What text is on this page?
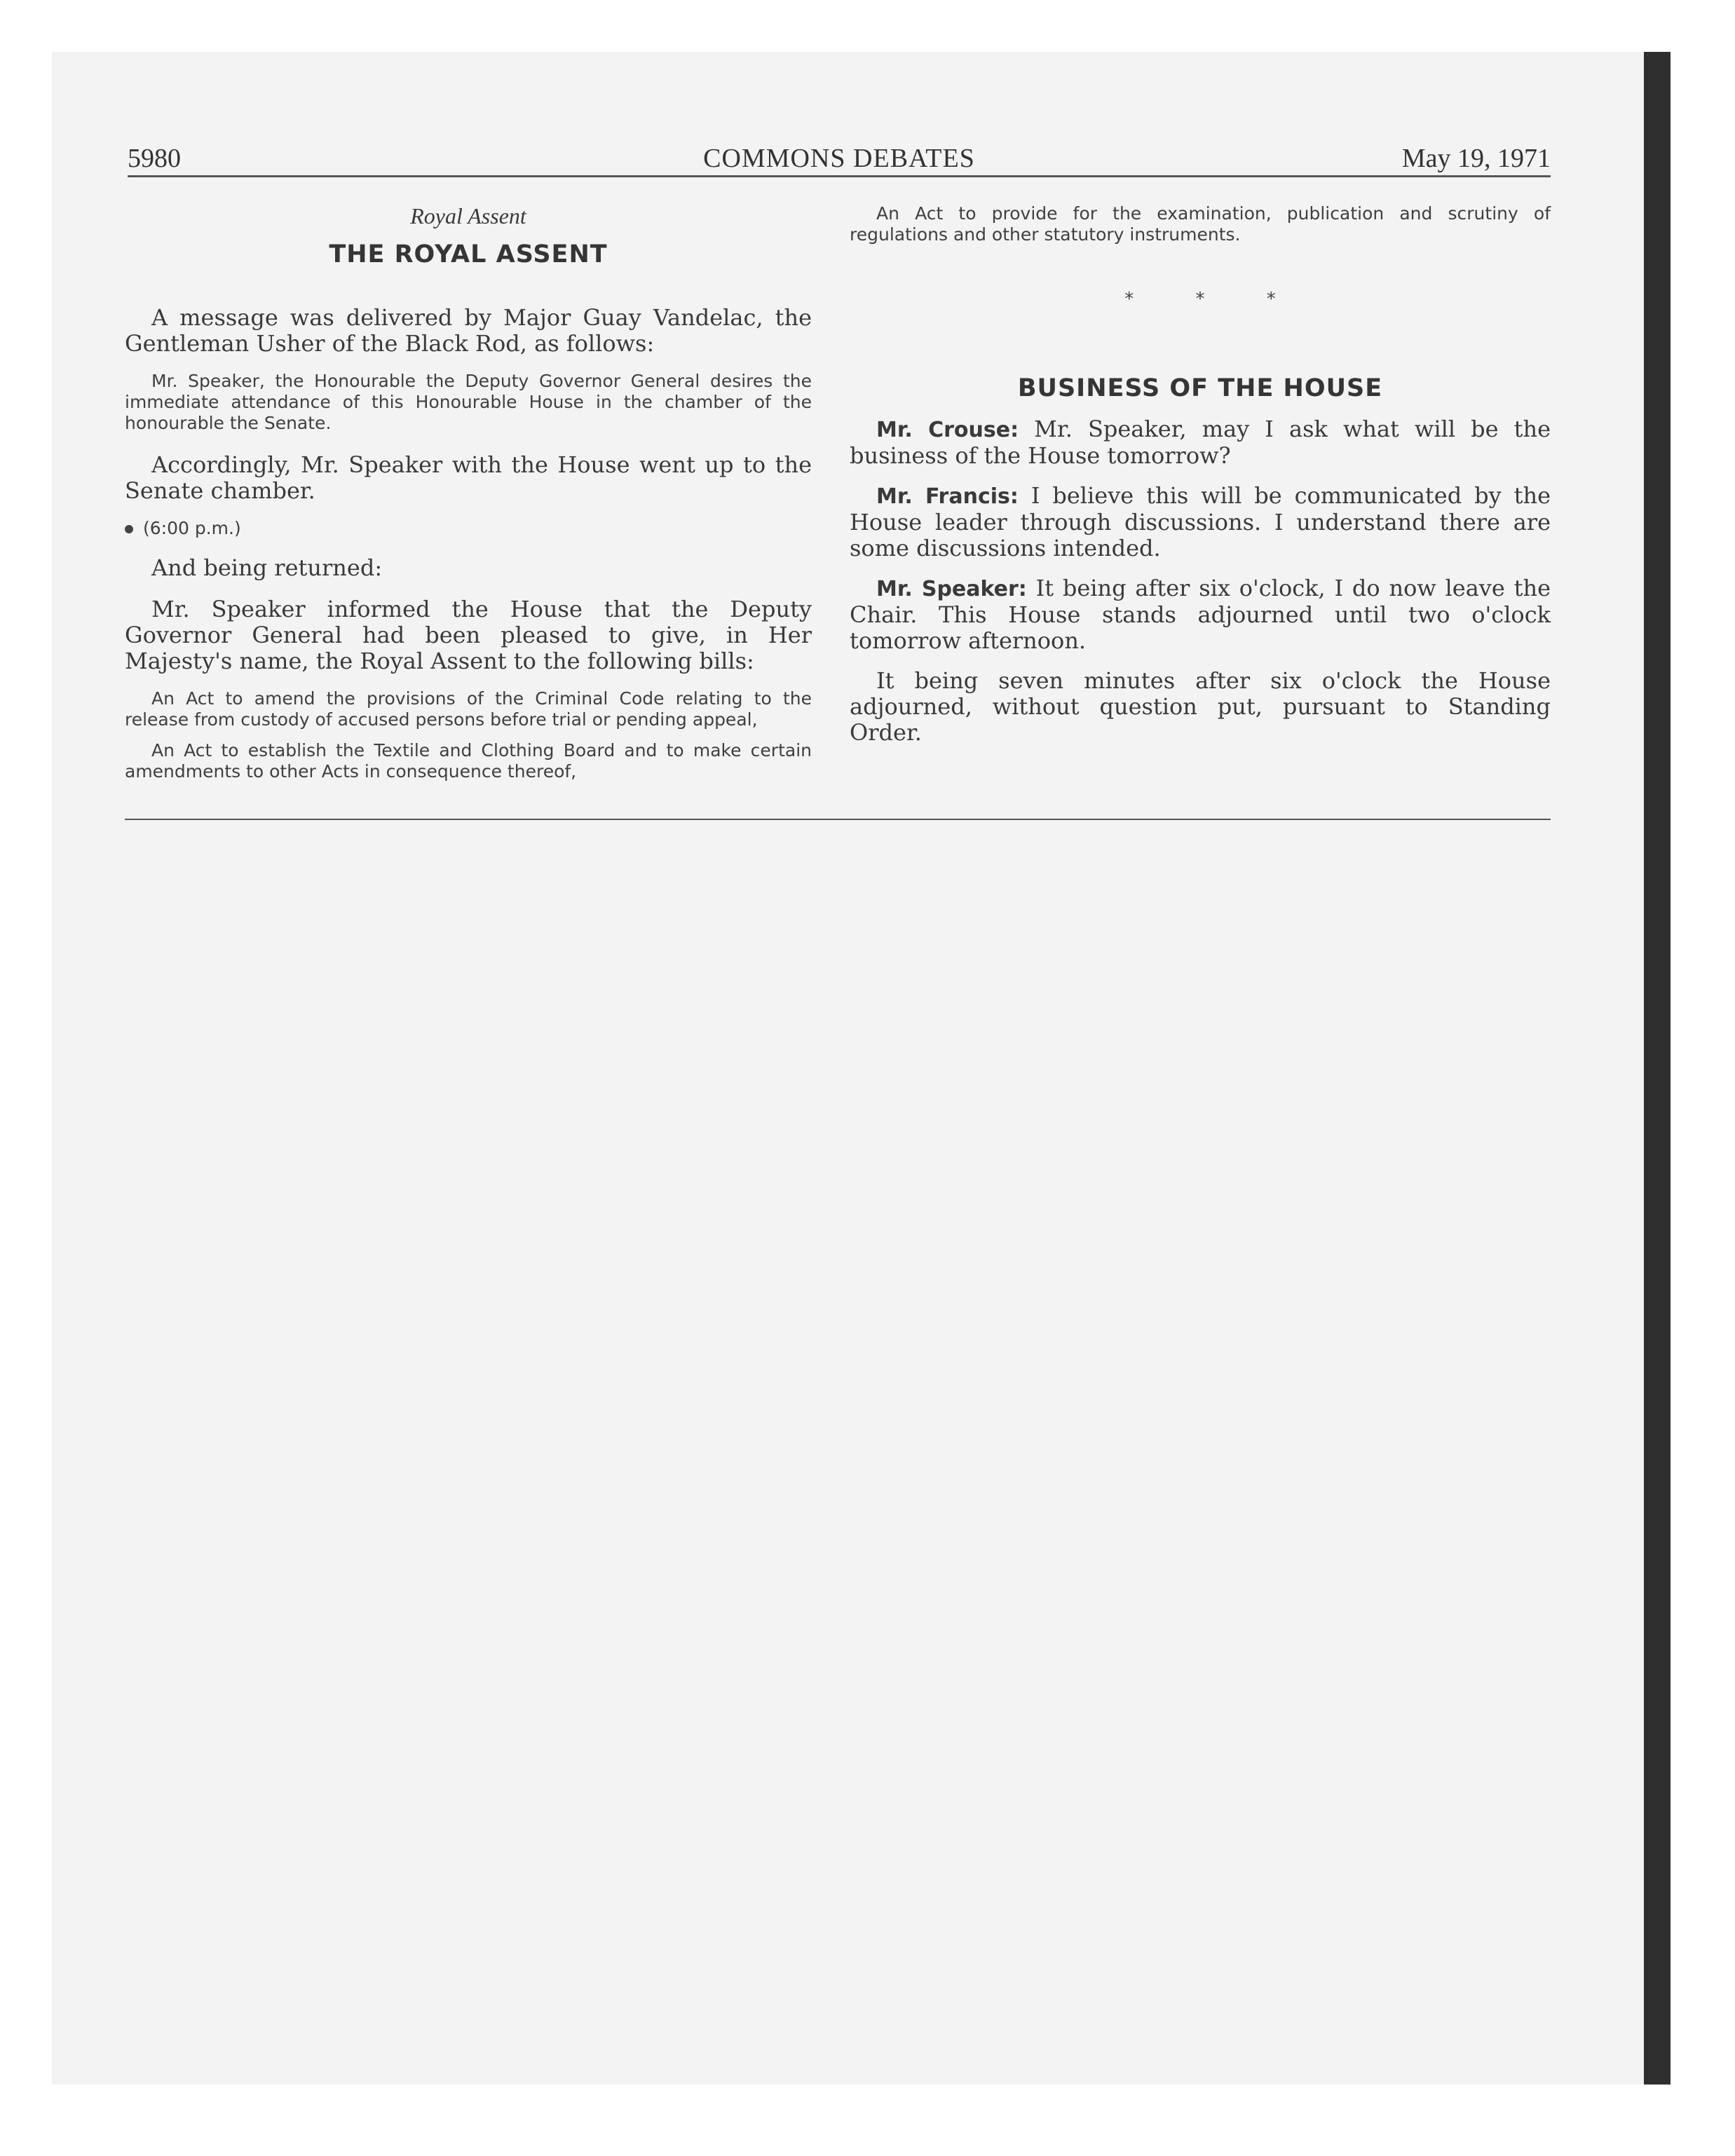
5980	COMMONS DEBATES	May 19, 1971
Royal Assent
THE ROYAL ASSENT

A message was delivered by Major Guay Vandelac, the Gentleman Usher of the Black Rod, as follows:

Mr. Speaker, the Honourable the Deputy Governor General desires the immediate attendance of this Honourable House in the chamber of the honourable the Senate.

Accordingly, Mr. Speaker with the House went up to the Senate chamber.

(6:00 p.m.)

And being returned:

Mr. Speaker informed the House that the Deputy Governor General had been pleased to give, in Her Majesty's name, the Royal Assent to the following bills:

An Act to amend the provisions of the Criminal Code relating to the release from custody of accused persons before trial or pending appeal,

An Act to establish the Textile and Clothing Board and to make certain amendments to other Acts in consequence thereof,

An Act to provide for the examination, publication and scrutiny of regulations and other statutory instruments.

* * *
BUSINESS OF THE HOUSE

Mr. Crouse: Mr. Speaker, may I ask what will be the business of the House tomorrow?

Mr. Francis: I believe this will be communicated by the House leader through discussions. I understand there are some discussions intended.

Mr. Speaker: It being after six o'clock, I do now leave the Chair. This House stands adjourned until two o'clock tomorrow afternoon.

It being seven minutes after six o'clock the House adjourned, without question put, pursuant to Standing Order.
